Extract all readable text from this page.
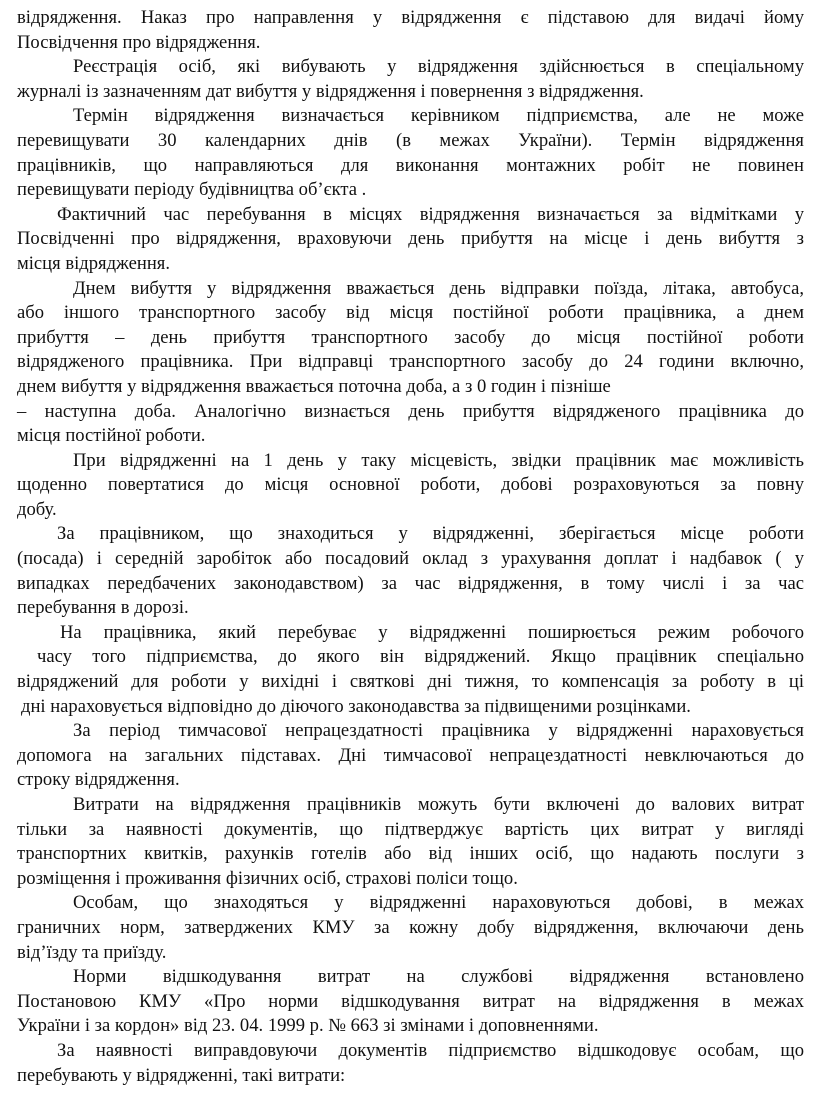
відрядження. Наказ про направлення у відрядження є підставою для видачі йому
Посвідчення про відрядження.
Реєстрація осіб, які вибувають у відрядження здійснюється в спеціальному
журналі із зазначенням дат вибуття у відрядження і повернення з відрядження.
Термін відрядження визначається керівником підприємства, але не може
перевищувати 30 календарних днів (в межах України). Термін відрядження
працівників, що направляються для виконання монтажних робіт не повинен
перевищувати періоду будівництва об’єкта .
Фактичний час перебування в місцях відрядження визначається за відмітками у
Посвідченні про відрядження, враховуючи день прибуття на місце і день вибуття з
місця відрядження.
Днем вибуття у відрядження вважається день відправки поїзда, літака, автобуса,
або іншого транспортного засобу від місця постійної роботи працівника, а днем
прибуття – день прибуття транспортного засобу до місця постійної роботи
відрядженого працівника. При відправці транспортного засобу до 24 години включно,
днем вибуття у відрядження вважається поточна доба, а з 0 годин і пізніше
– наступна доба. Аналогічно визнається день прибуття відрядженого працівника до
місця постійної роботи.
При відрядженні на 1 день у таку місцевість, звідки працівник має можливість
щоденно повертатися до місця основної роботи, добові розраховуються за повну
добу.
За працівником, що знаходиться у відрядженні, зберігається місце роботи
(посада) і середній заробіток або посадовий оклад з урахування доплат і надбавок ( у
випадках передбачених законодавством) за час відрядження, в тому числі і за час
перебування в дорозі.
На працівника, який перебуває у відрядженні поширюється режим робочого
часу того підприємства, до якого він відряджений. Якщо працівник спеціально
відряджений для роботи у вихідні і святкові дні тижня, то компенсація за роботу в ці
дні нараховується відповідно до діючого законодавства за підвищеними розцінками.
За період тимчасової непрацездатності працівника у відрядженні нараховується
допомога на загальних підставах. Дні тимчасової непрацездатності невключаються до
строку відрядження.
Витрати на відрядження працівників можуть бути включені до валових витрат
тільки за наявності документів, що підтверджує вартість цих витрат у вигляді
транспортних квитків, рахунків готелів або від інших осіб, що надають послуги з
розміщення і проживання фізичних осіб, страхові поліси тощо.
Особам, що знаходяться у відрядженні нараховуються добові, в межах
граничних норм, затверджених КМУ за кожну добу відрядження, включаючи день
від’їзду та приїзду.
Норми відшкодування витрат на службові відрядження встановлено
Постановою КМУ «Про норми відшкодування витрат на відрядження в межах
України і за кордон» від 23. 04. 1999 р. № 663 зі змінами і доповненнями.
За наявності виправдовуючи документів підприємство відшкодовує особам, що
перебувають у відрядженні, такі витрати:
